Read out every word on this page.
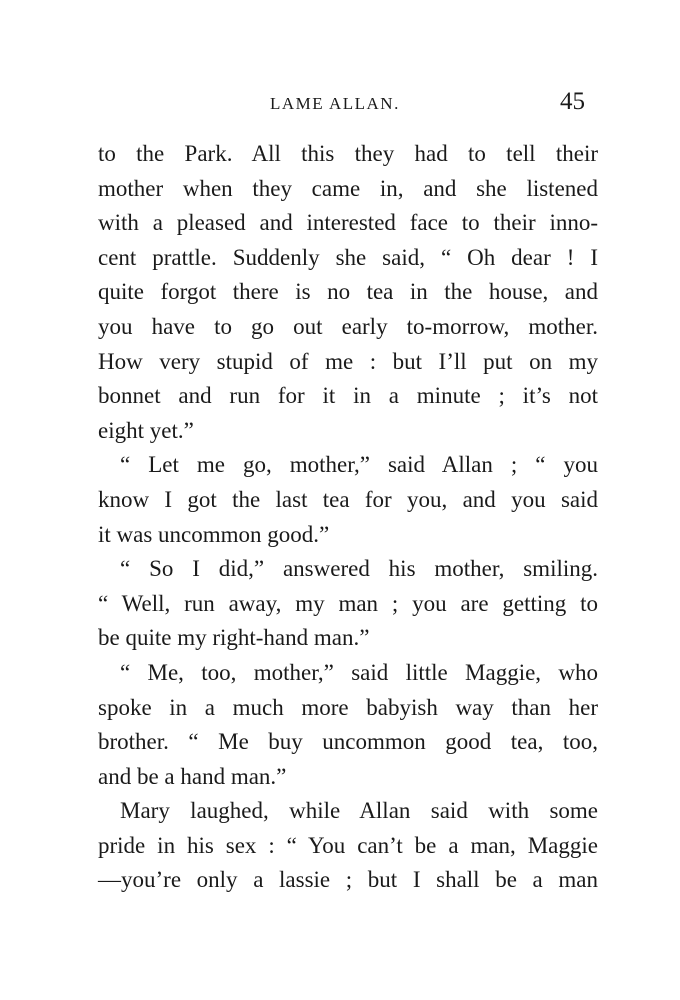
LAME ALLAN.	45
to the Park. All this they had to tell their
mother when they came in, and she listened
with a pleased and interested face to their inno-
cent prattle. Suddenly she said, “ Oh dear ! I
quite forgot there is no tea in the house, and
you have to go out early to-morrow, mother.
How very stupid of me : but I’ll put on my
bonnet and run for it in a minute ; it’s not
eight yet.”
“ Let me go, mother,” said Allan ; “ you
know I got the last tea for you, and you said
it was uncommon good.”
“ So I did,” answered his mother, smiling.
“ Well, run away, my man ; you are getting to
be quite my right-hand man.”
“ Me, too, mother,” said little Maggie, who
spoke in a much more babyish way than her
brother. “ Me buy uncommon good tea, too,
and be a hand man.”
Mary laughed, while Allan said with some
pride in his sex : “ You can’t be a man, Maggie
—you’re only a lassie ; but I shall be a man
